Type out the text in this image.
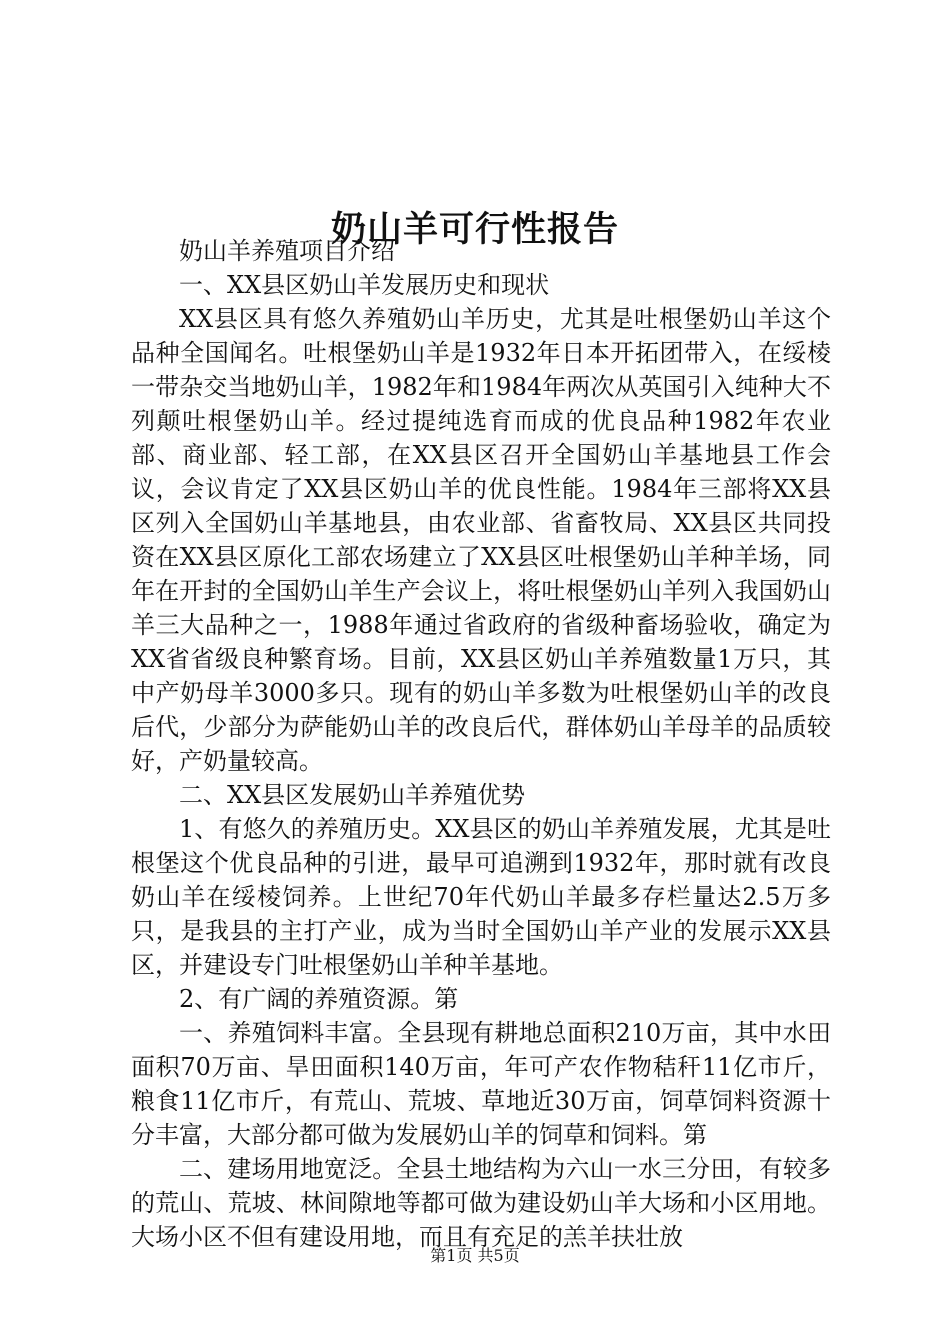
奶山羊可行性报告

奶山羊养殖项目介绍

一、XX县区奶山羊发展历史和现状

XX县区具有悠久养殖奶山羊历史，尤其是吐根堡奶山羊这个品种全国闻名。吐根堡奶山羊是1932年日本开拓团带入，在绥棱一带杂交当地奶山羊，1982年和1984年两次从英国引入纯种大不列颠吐根堡奶山羊。经过提纯选育而成的优良品种1982年农业部、商业部、轻工部，在XX县区召开全国奶山羊基地县工作会议，会议肯定了XX县区奶山羊的优良性能。1984年三部将XX县区列入全国奶山羊基地县，由农业部、省畜牧局、XX县区共同投资在XX县区原化工部农场建立了XX县区吐根堡奶山羊种羊场，同年在开封的全国奶山羊生产会议上，将吐根堡奶山羊列入我国奶山羊三大品种之一，1988年通过省政府的省级种畜场验收，确定为XX省省级良种繁育场。目前，XX县区奶山羊养殖数量1万只，其中产奶母羊3000多只。现有的奶山羊多数为吐根堡奶山羊的改良后代，少部分为萨能奶山羊的改良后代，群体奶山羊母羊的品质较好，产奶量较高。

二、XX县区发展奶山羊养殖优势

1、有悠久的养殖历史。XX县区的奶山羊养殖发展，尤其是吐根堡这个优良品种的引进，最早可追溯到1932年，那时就有改良奶山羊在绥棱饲养。上世纪70年代奶山羊最多存栏量达2.5万多只，是我县的主打产业，成为当时全国奶山羊产业的发展示XX县区，并建设专门吐根堡奶山羊种羊基地。

2、有广阔的养殖资源。第

一、养殖饲料丰富。全县现有耕地总面积210万亩，其中水田面积70万亩、旱田面积140万亩，年可产农作物秸秆11亿市斤，粮食11亿市斤，有荒山、荒坡、草地近30万亩，饲草饲料资源十分丰富，大部分都可做为发展奶山羊的饲草和饲料。第

二、建场用地宽泛。全县土地结构为六山一水三分田，有较多的荒山、荒坡、林间隙地等都可做为建设奶山羊大场和小区用地。大场小区不但有建设用地，而且有充足的羔羊扶壮放

第1页 共5页
